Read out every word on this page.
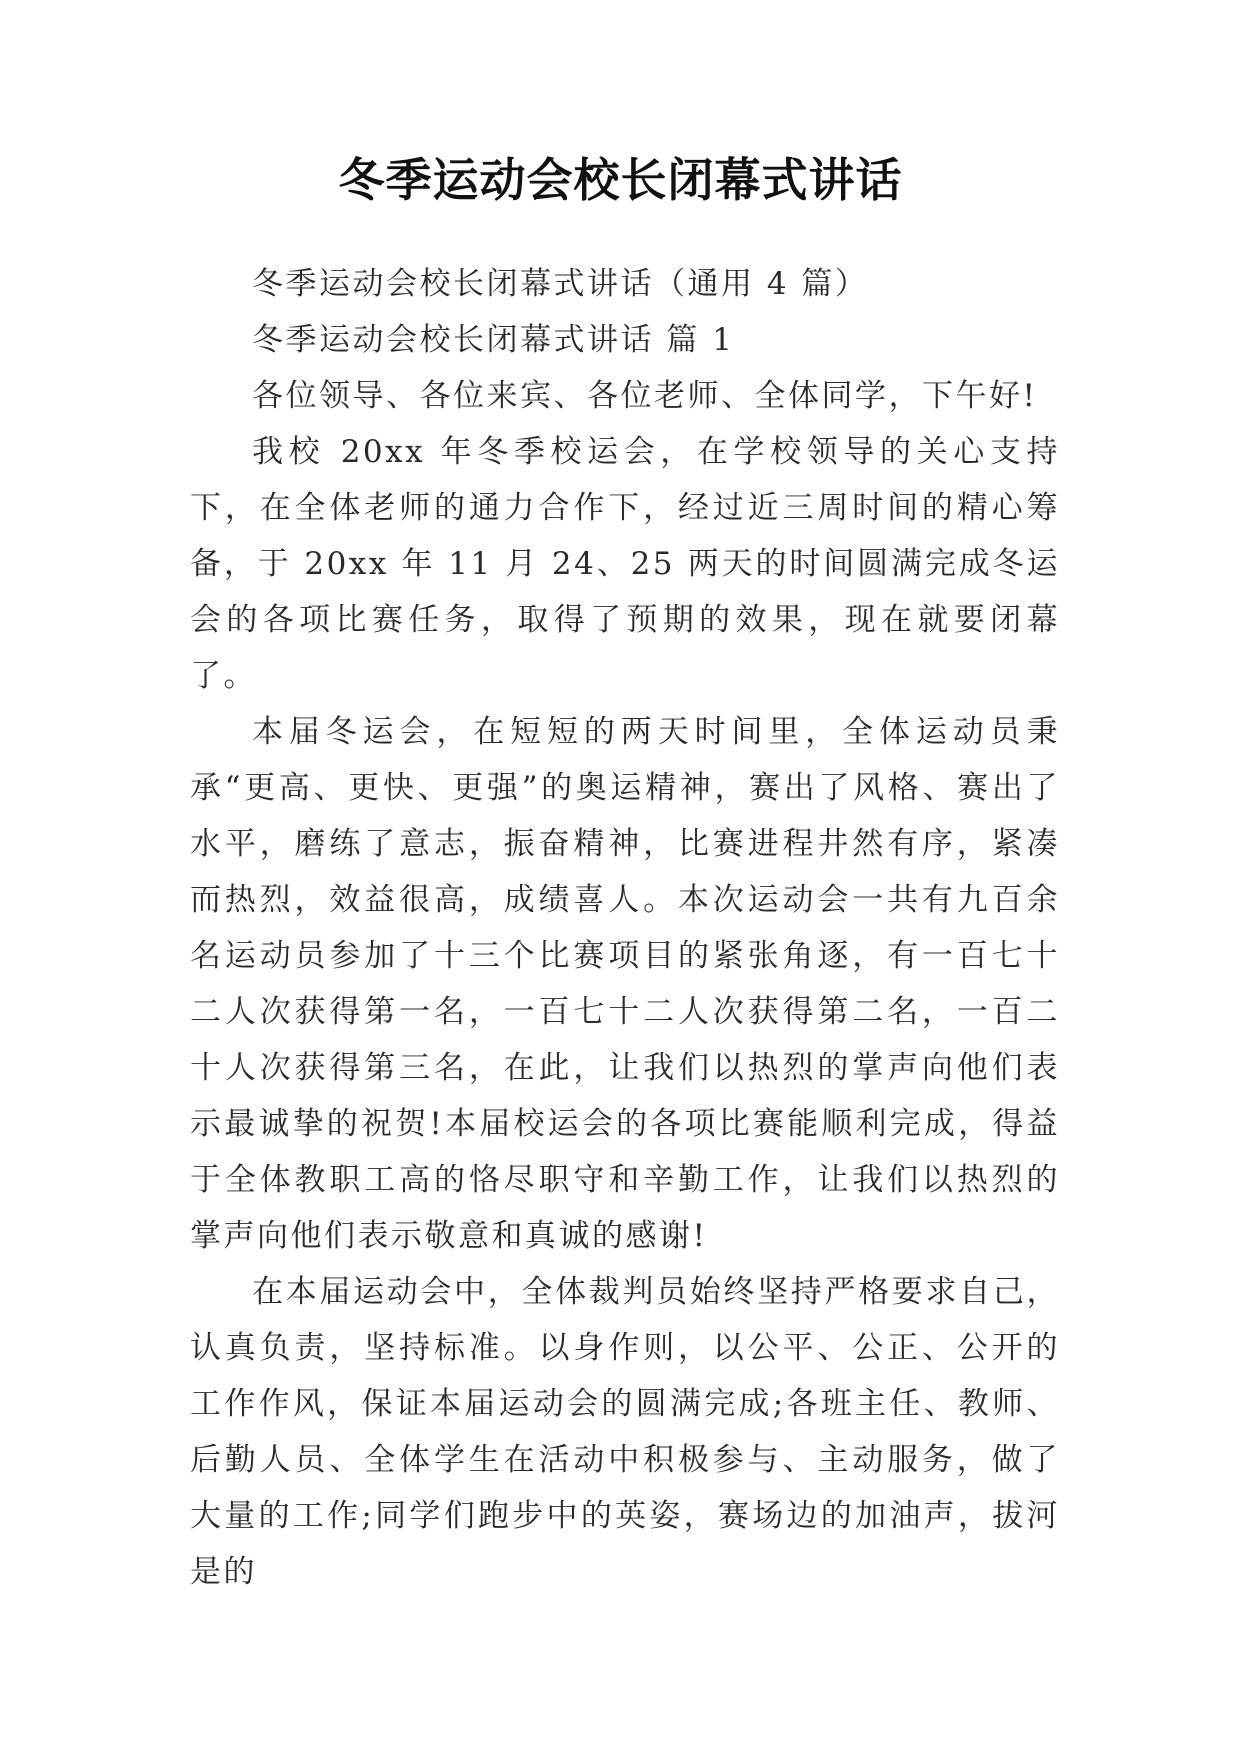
冬季运动会校长闭幕式讲话

冬季运动会校长闭幕式讲话（通用 4 篇）

冬季运动会校长闭幕式讲话 篇 1

各位领导、各位来宾、各位老师、全体同学，下午好!

我校 20xx 年冬季校运会，在学校领导的关心支持下，在全体老师的通力合作下，经过近三周时间的精心筹备，于 20xx 年 11 月 24、25 两天的时间圆满完成冬运会的各项比赛任务，取得了预期的效果，现在就要闭幕了。

本届冬运会，在短短的两天时间里，全体运动员秉承“更高、更快、更强”的奥运精神，赛出了风格、赛出了水平，磨练了意志，振奋精神，比赛进程井然有序，紧凑而热烈，效益很高，成绩喜人。本次运动会一共有九百余名运动员参加了十三个比赛项目的紧张角逐，有一百七十二人次获得第一名，一百七十二人次获得第二名，一百二十人次获得第三名，在此，让我们以热烈的掌声向他们表示最诚挚的祝贺!本届校运会的各项比赛能顺利完成，得益于全体教职工高的恪尽职守和辛勤工作，让我们以热烈的掌声向他们表示敬意和真诚的感谢!

在本届运动会中，全体裁判员始终坚持严格要求自己，认真负责，坚持标准。以身作则，以公平、公正、公开的工作作风，保证本届运动会的圆满完成;各班主任、教师、后勤人员、全体学生在活动中积极参与、主动服务，做了大量的工作;同学们跑步中的英姿，赛场边的加油声，拔河是的
